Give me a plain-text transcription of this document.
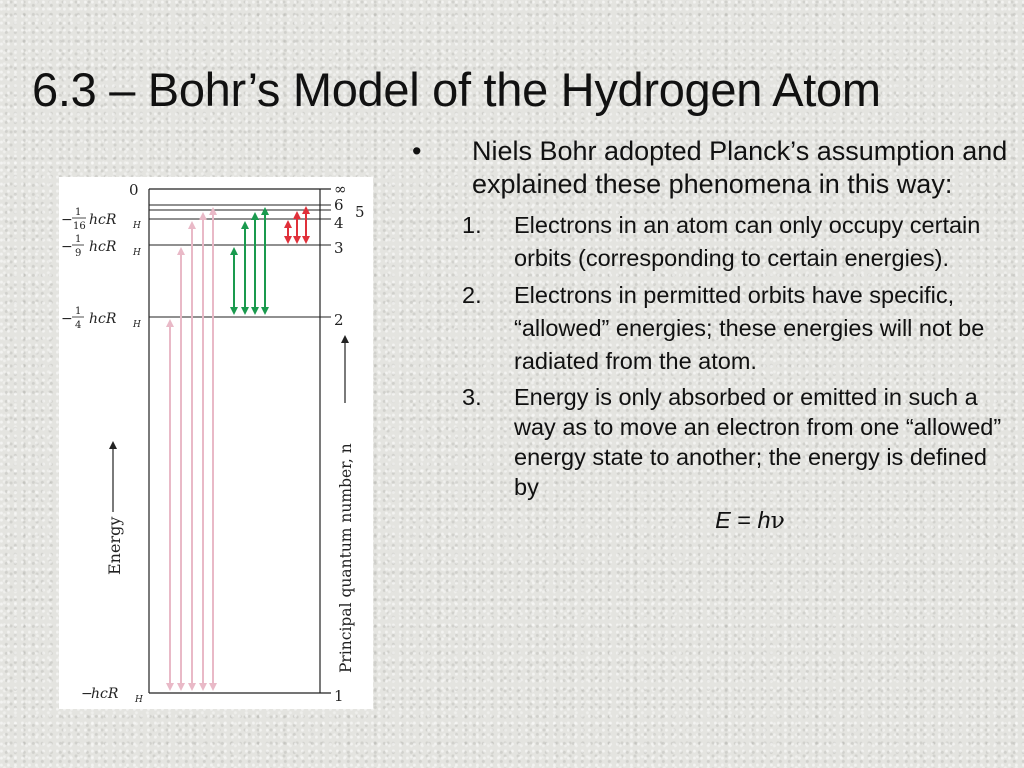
6.3 – Bohr’s Model of the Hydrogen Atom
Energy	Principal quantum number, n
∞
6 5
4
3
2
1
0
− 1
16 hcR H
− 1
9 hcR H
− 1
4 hcR H
−
hcR H
• Niels Bohr adopted Planck’s assumption and explained these phenomena in this way:
1. Electrons in an atom can only occupy certain orbits (corresponding to certain energies).
2. Electrons in permitted orbits have specific, “allowed” energies; these energies will not be radiated from the atom.
3. Energy is only absorbed or emitted in such a way as to move an electron from one “allowed” energy state to another; the energy is defined by
E = hν
